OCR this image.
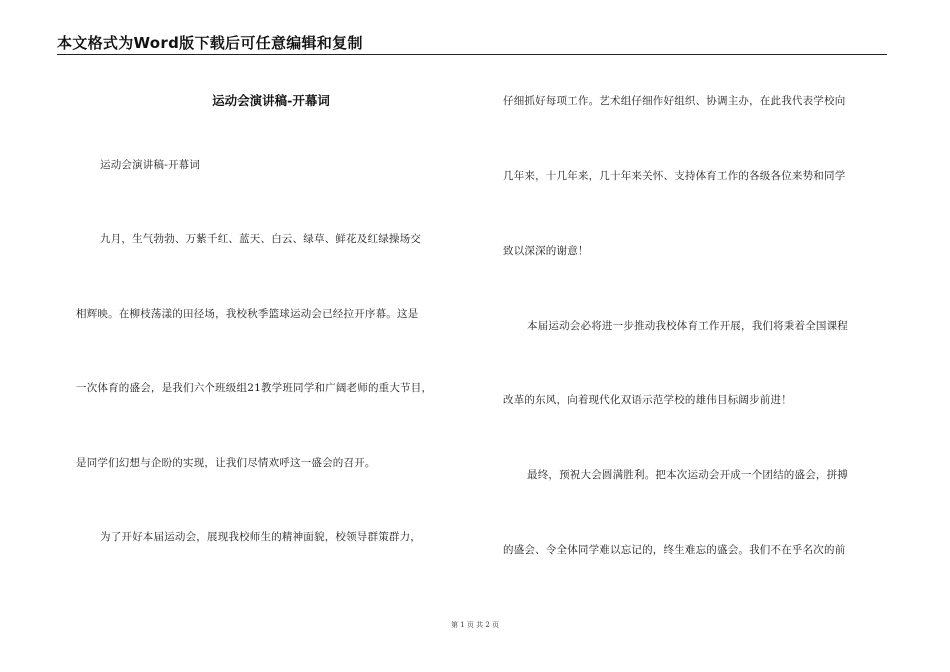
本文格式为Word版下载后可任意编辑和复制
运动会演讲稿-开幕词
运动会演讲稿-开幕词
九月，生气勃勃、万紫千红、蓝天、白云、绿草、鲜花及红绿操场交
相辉映。在柳枝荡漾的田径场，我校秋季篮球运动会已经拉开序幕。这是
一次体育的盛会，是我们六个班级组21教学班同学和广阔老师的重大节目，
是同学们幻想与企盼的实现，让我们尽情欢呼这一盛会的召开。
为了开好本届运动会，展现我校师生的精神面貌，校领导群策群力，
仔细抓好每项工作。艺术组仔细作好组织、协调主办，在此我代表学校向
几年来，十几年来，几十年来关怀、支持体育工作的各级各位来势和同学
致以深深的谢意！
本届运动会必将进一步推动我校体育工作开展，我们将秉着全国课程
改革的东风，向着现代化双语示范学校的雄伟目标阔步前进！
最终，预祝大会圆满胜利。把本次运动会开成一个团结的盛会，拼搏
的盛会、令全体同学难以忘记的，终生难忘的盛会。我们不在乎名次的前
第 1 页 共 2 页
